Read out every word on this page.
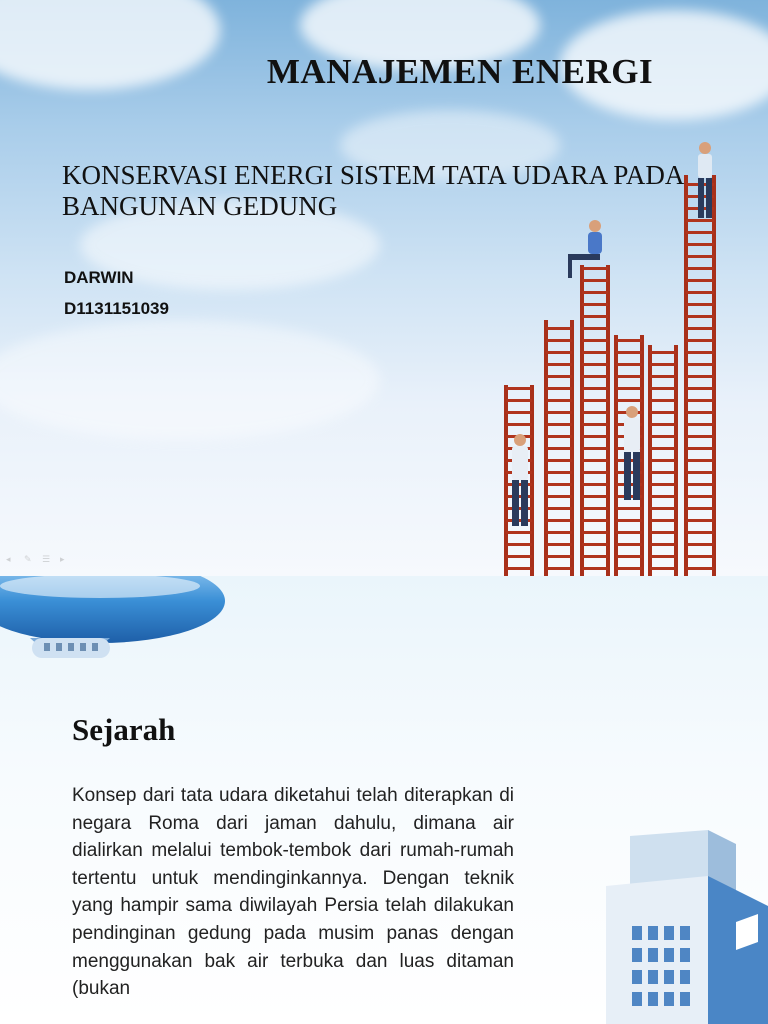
MANAJEMEN ENERGI

KONSERVASI ENERGI SISTEM TATA UDARA PADA BANGUNAN GEDUNG

DARWIN

D1131151039

◂	✎ ☰ ▸
Sejarah

Konsep dari tata udara diketahui telah diterapkan di negara Roma dari jaman dahulu, dimana air dialirkan melalui tembok-tembok dari rumah-rumah tertentu untuk mendinginkannya. Dengan teknik yang hampir sama diwilayah Persia telah dilakukan pendinginan gedung pada musim panas dengan menggunakan bak air terbuka dan luas ditaman (bukan
